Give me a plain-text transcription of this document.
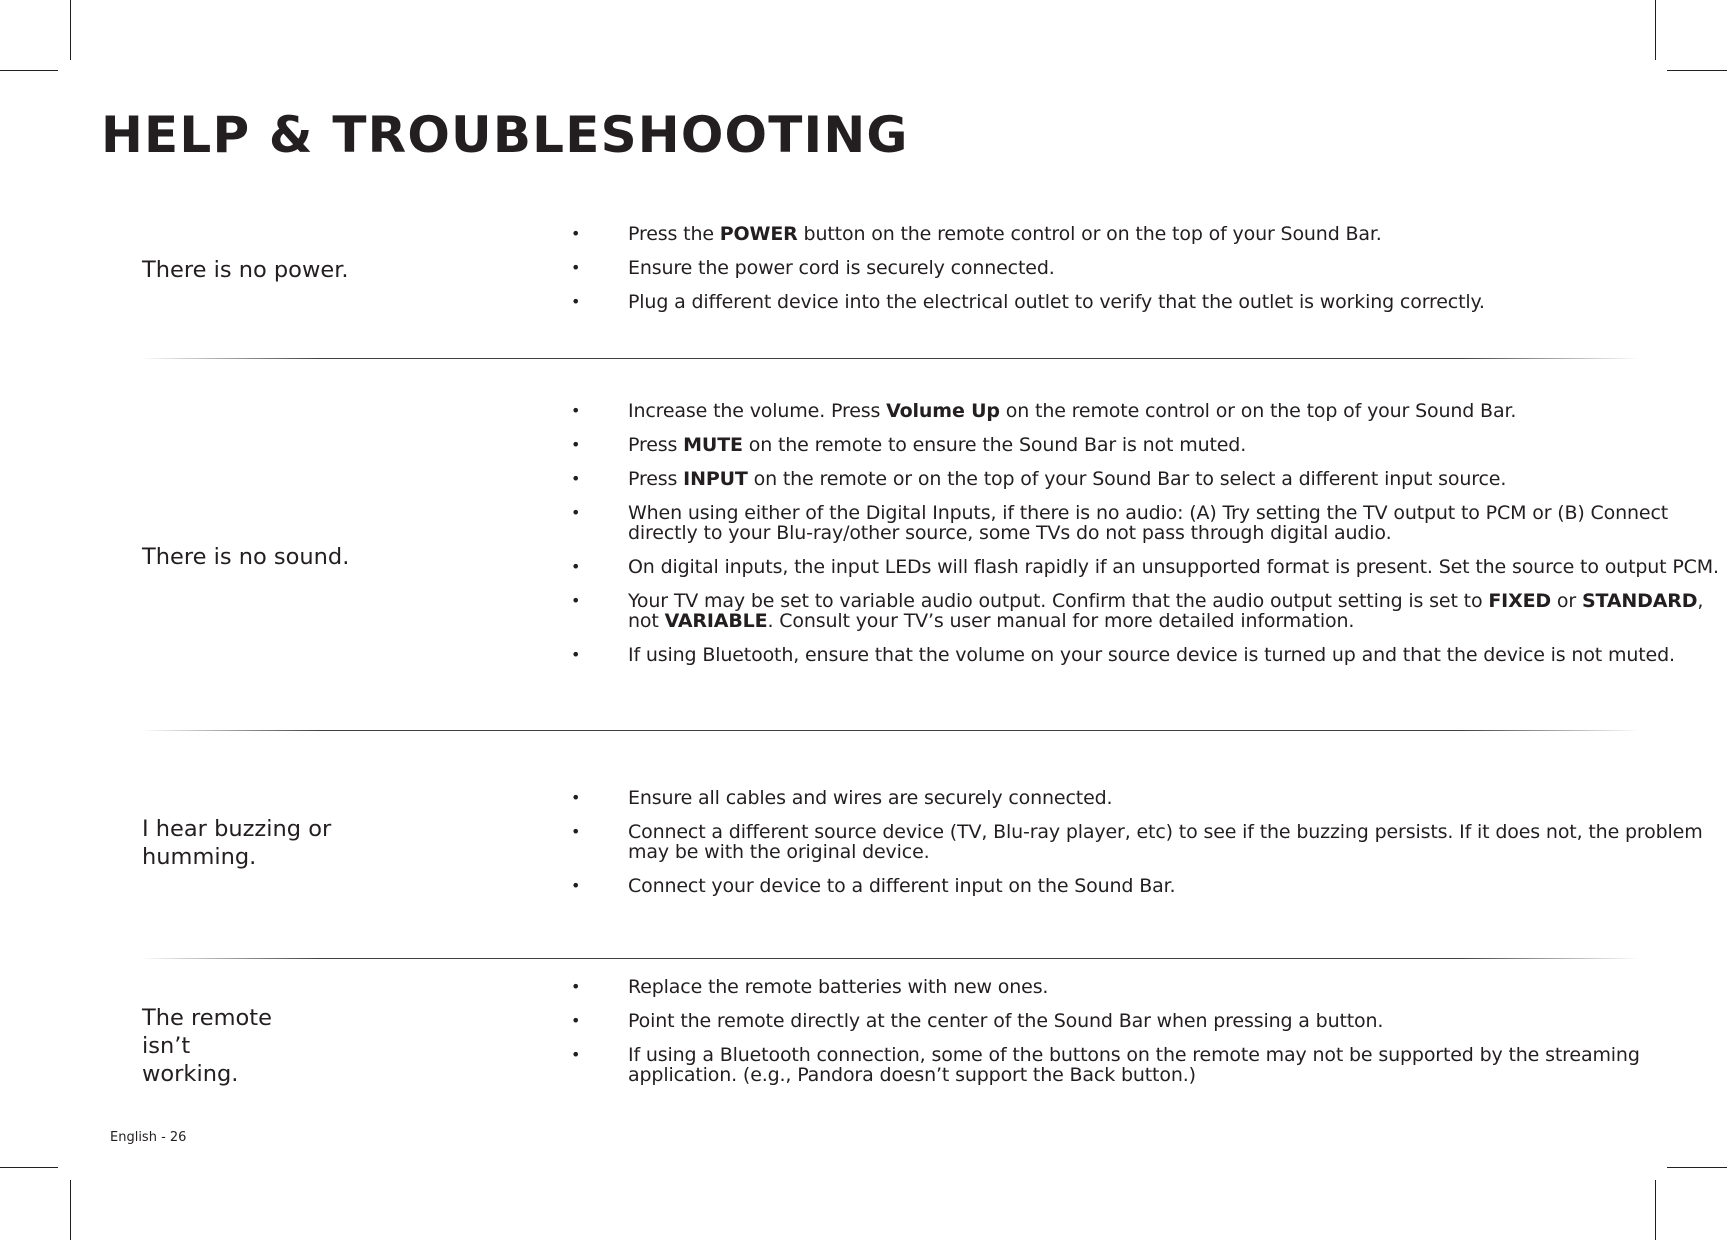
HELP & TROUBLESHOOTING
There is no power.
•	Press the POWER button on the remote control or on the top of your Sound Bar.
•	Ensure the power cord is securely connected.
•	Plug a different device into the electrical outlet to verify that the outlet is working correctly.
There is no sound.
•	Increase the volume. Press Volume Up on the remote control or on the top of your Sound Bar.
•	Press MUTE on the remote to ensure the Sound Bar is not muted.
•	Press INPUT on the remote or on the top of your Sound Bar to select a different input source.
•	When using either of the Digital Inputs, if there is no audio: (A) Try setting the TV output to PCM or (B) Connect directly to your Blu-ray/other source, some TVs do not pass through digital audio.
•	On digital inputs, the input LEDs will flash rapidly if an unsupported format is present. Set the source to output PCM.
•	Your TV may be set to variable audio output. Confirm that the audio output setting is set to FIXED or STANDARD, not VARIABLE. Consult your TV’s user manual for more detailed information.
•	If using Bluetooth, ensure that the volume on your source device is turned up and that the device is not muted.
I hear buzzing or humming.
•	Ensure all cables and wires are securely connected.
•	Connect a different source device (TV, Blu-ray player, etc) to see if the buzzing persists. If it does not, the problem may be with the original device.
•	Connect your device to a different input on the Sound Bar.
The remote isn’t working.
•	Replace the remote batteries with new ones.
•	Point the remote directly at the center of the Sound Bar when pressing a button.
•	If using a Bluetooth connection, some of the buttons on the remote may not be supported by the streaming application. (e.g., Pandora doesn’t support the Back button.)
English - 26
